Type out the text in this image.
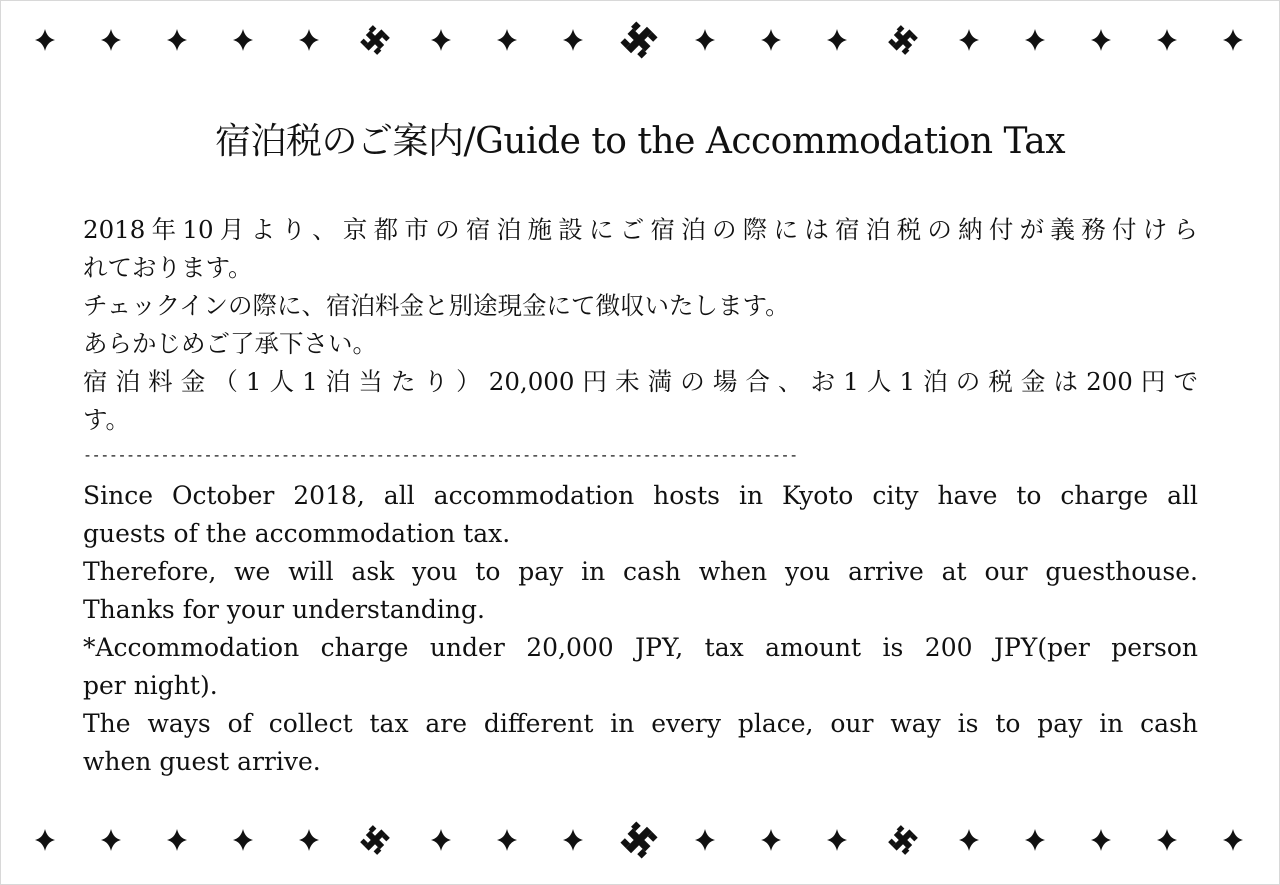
宿泊税のご案内/Guide to the Accommodation Tax
2018年10月より、京都市の宿泊施設にご宿泊の際には宿泊税の納付が義務付けら
れております。
チェックインの際に、宿泊料金と別途現金にて徴収いたします。
あらかじめご了承下さい。
宿泊料金（1人1泊当たり）20,000円未満の場合、お1人1泊の税金は200円で
す。
-----------------------------------------------------------------------------------
Since October 2018, all accommodation hosts in Kyoto city have to charge all
guests of the accommodation tax.
Therefore, we will ask you to pay in cash when you arrive at our guesthouse.
Thanks for your understanding.
*Accommodation charge under 20,000 JPY, tax amount is 200 JPY(per person
per night).
The ways of collect tax are different in every place, our way is to pay in cash
when guest arrive.
